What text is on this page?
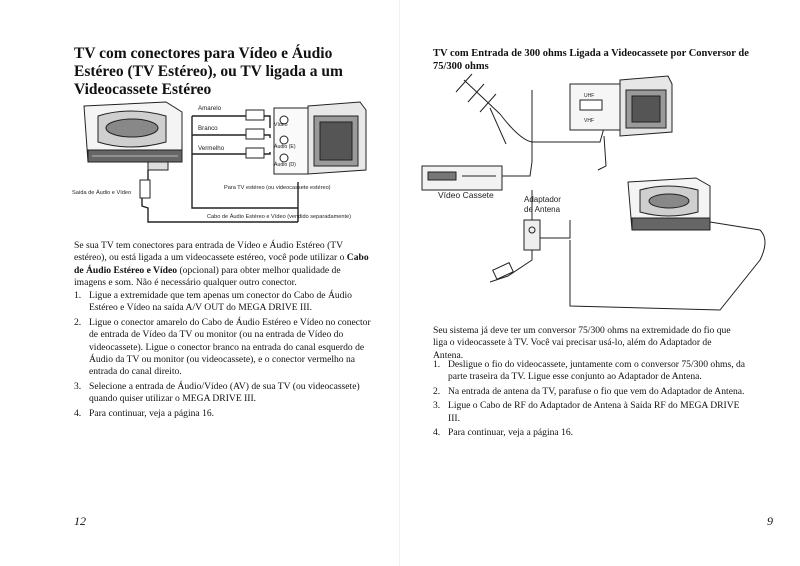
TV com conectores para Vídeo e Áudio Estéreo (TV Estéreo), ou TV ligada a um Videocassete Estéreo
Amarelo
Branco
Vermelho
Vídeo
Áudio (E)
Áudio (D)
Saída de Áudio e Vídeo
Para TV estéreo (ou videocassete estéreo)
Cabo de Áudio Estéreo e Vídeo (vendido separadamente)

Se sua TV tem conectores para entrada de Vídeo e Áudio Estéreo (TV estéreo), ou está ligada a um videocassete estéreo, você pode utilizar o Cabo de Áudio Estéreo e Vídeo (opcional) para obter melhor qualidade de imagens e som. Não é necessário qualquer outro conector.

1. Ligue a extremidade que tem apenas um conector do Cabo de Áudio Estéreo e Vídeo na saída A/V OUT do MEGA DRIVE III.
2. Ligue o conector amarelo do Cabo de Áudio Estéreo e Vídeo no conector de entrada de Vídeo da TV ou monitor (ou na entrada de Vídeo do videocassete). Ligue o conector branco na entrada do canal esquerdo de Áudio da TV ou monitor (ou videocassete), e o conector vermelho na entrada do canal direito.
3. Selecione a entrada de Áudio/Vídeo (AV) de sua TV (ou videocassete) quando quiser utilizar o MEGA DRIVE III.
4. Para continuar, veja a página 16.
12
TV com Entrada de 300 ohms Ligada a Videocassete por Conversor de 75/300 ohms
UHF
VHF
Vídeo Cassete	Adaptador
de Antena

Seu sistema já deve ter um conversor 75/300 ohms na extremidade do fio que liga o videocassete à TV. Você vai precisar usá-lo, além do Adaptador de Antena.

1. Desligue o fio do videocassete, juntamente com o conversor 75/300 ohms, da parte traseira da TV. Ligue esse conjunto ao Adaptador de Antena.
2. Na entrada de antena da TV, parafuse o fio que vem do Adaptador de Antena.
3. Ligue o Cabo de RF do Adaptador de Antena à Saída RF do MEGA DRIVE III.
4. Para continuar, veja a página 16.
9
